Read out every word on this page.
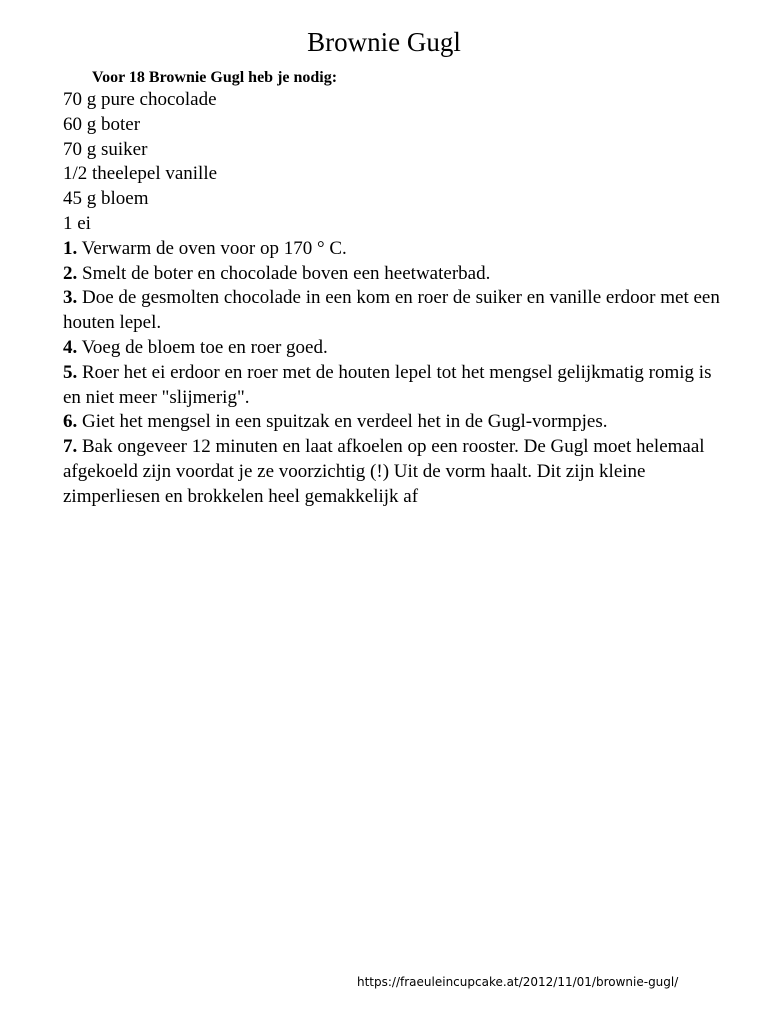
Brownie Gugl

Voor 18 Brownie Gugl heb je nodig:

70 g pure chocolade

60 g boter

70 g suiker

1/2 theelepel vanille

45 g bloem

1 ei

1. Verwarm de oven voor op 170 ° C.

2. Smelt de boter en chocolade boven een heetwaterbad.

3. Doe de gesmolten chocolade in een kom en roer de suiker en vanille erdoor met een houten lepel.

4. Voeg de bloem toe en roer goed.

5. Roer het ei erdoor en roer met de houten lepel tot het mengsel gelijkmatig romig is en niet meer "slijmerig".

6. Giet het mengsel in een spuitzak en verdeel het in de Gugl-vormpjes.

7. Bak ongeveer 12 minuten en laat afkoelen op een rooster. De Gugl moet helemaal afgekoeld zijn voordat je ze voorzichtig (!) Uit de vorm haalt. Dit zijn kleine zimperliesen en brokkelen heel gemakkelijk af

https://fraeuleincupcake.at/2012/11/01/brownie-gugl/
